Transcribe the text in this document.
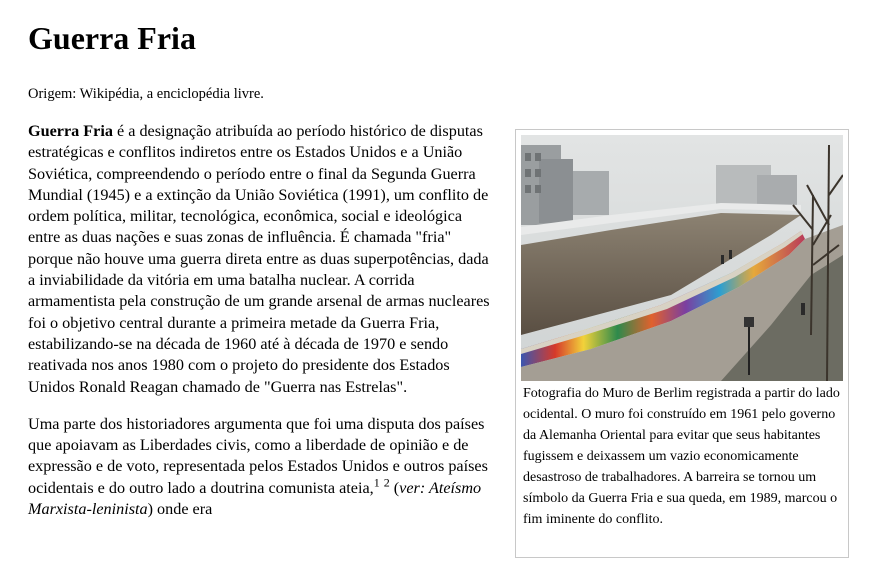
Guerra Fria
Origem: Wikipédia, a enciclopédia livre.

Guerra Fria é a designação atribuída ao período histórico de disputas estratégicas e conflitos indiretos entre os Estados Unidos e a União Soviética, compreendendo o período entre o final da Segunda Guerra Mundial (1945) e a extinção da União Soviética (1991), um conflito de ordem política, militar, tecnológica, econômica, social e ideológica entre as duas nações e suas zonas de influência. É chamada "fria" porque não houve uma guerra direta entre as duas superpotências, dada a inviabilidade da vitória em uma batalha nuclear. A corrida armamentista pela construção de um grande arsenal de armas nucleares foi o objetivo central durante a primeira metade da Guerra Fria, estabilizando-se na década de 1960 até à década de 1970 e sendo reativada nos anos 1980 com o projeto do presidente dos Estados Unidos Ronald Reagan chamado de "Guerra nas Estrelas".

Uma parte dos historiadores argumenta que foi uma disputa dos países que apoiavam as Liberdades civis, como a liberdade de opinião e de expressão e de voto, representada pelos Estados Unidos e outros países ocidentais e do outro lado a doutrina comunista ateia,$^1$ $^2$ (ver: Ateísmo Marxista-leninista) onde era

Fotografia do Muro de Berlim registrada a partir do lado ocidental. O muro foi construído em 1961 pelo governo da Alemanha Oriental para evitar que seus habitantes fugissem e deixassem um vazio economicamente desastroso de trabalhadores. A barreira se tornou um símbolo da Guerra Fria e sua queda, em 1989, marcou o fim iminente do conflito.
